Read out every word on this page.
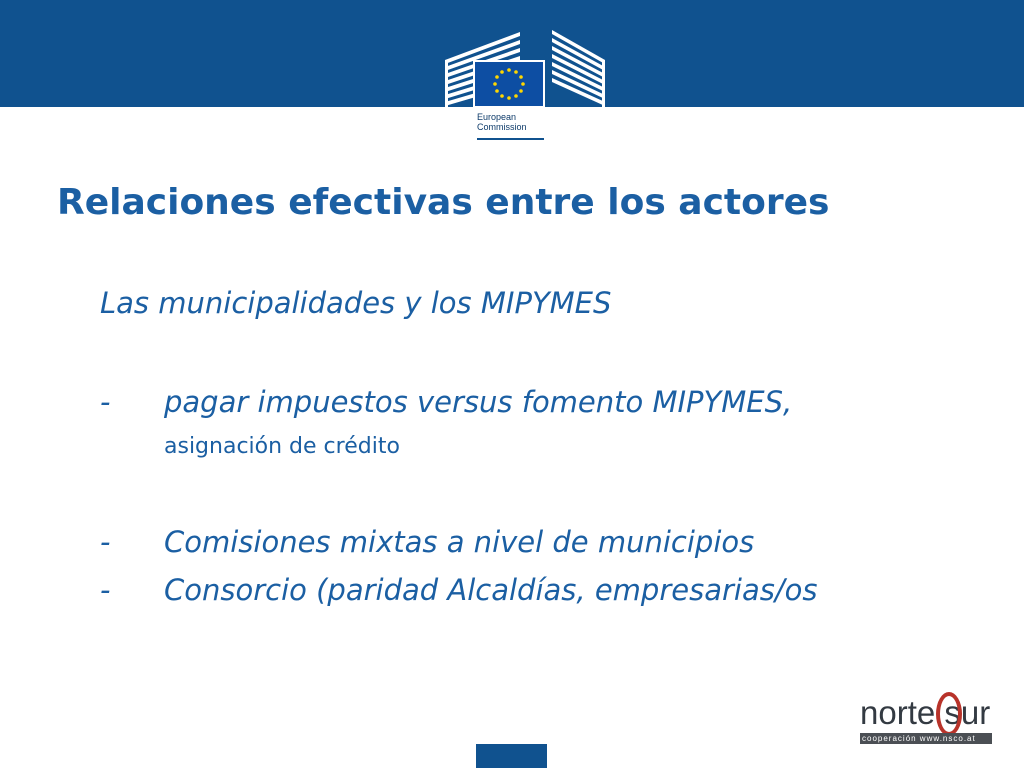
European
Commission
Relaciones efectivas entre los actores
Las municipalidades y los MIPYMES
- pagar impuestos versus fomento MIPYMES,
asignación de crédito
- Comisiones mixtas a nivel de municipios
- Consorcio (paridad Alcaldías, empresarias/os
norte sur
cooperación www.nsco.at
